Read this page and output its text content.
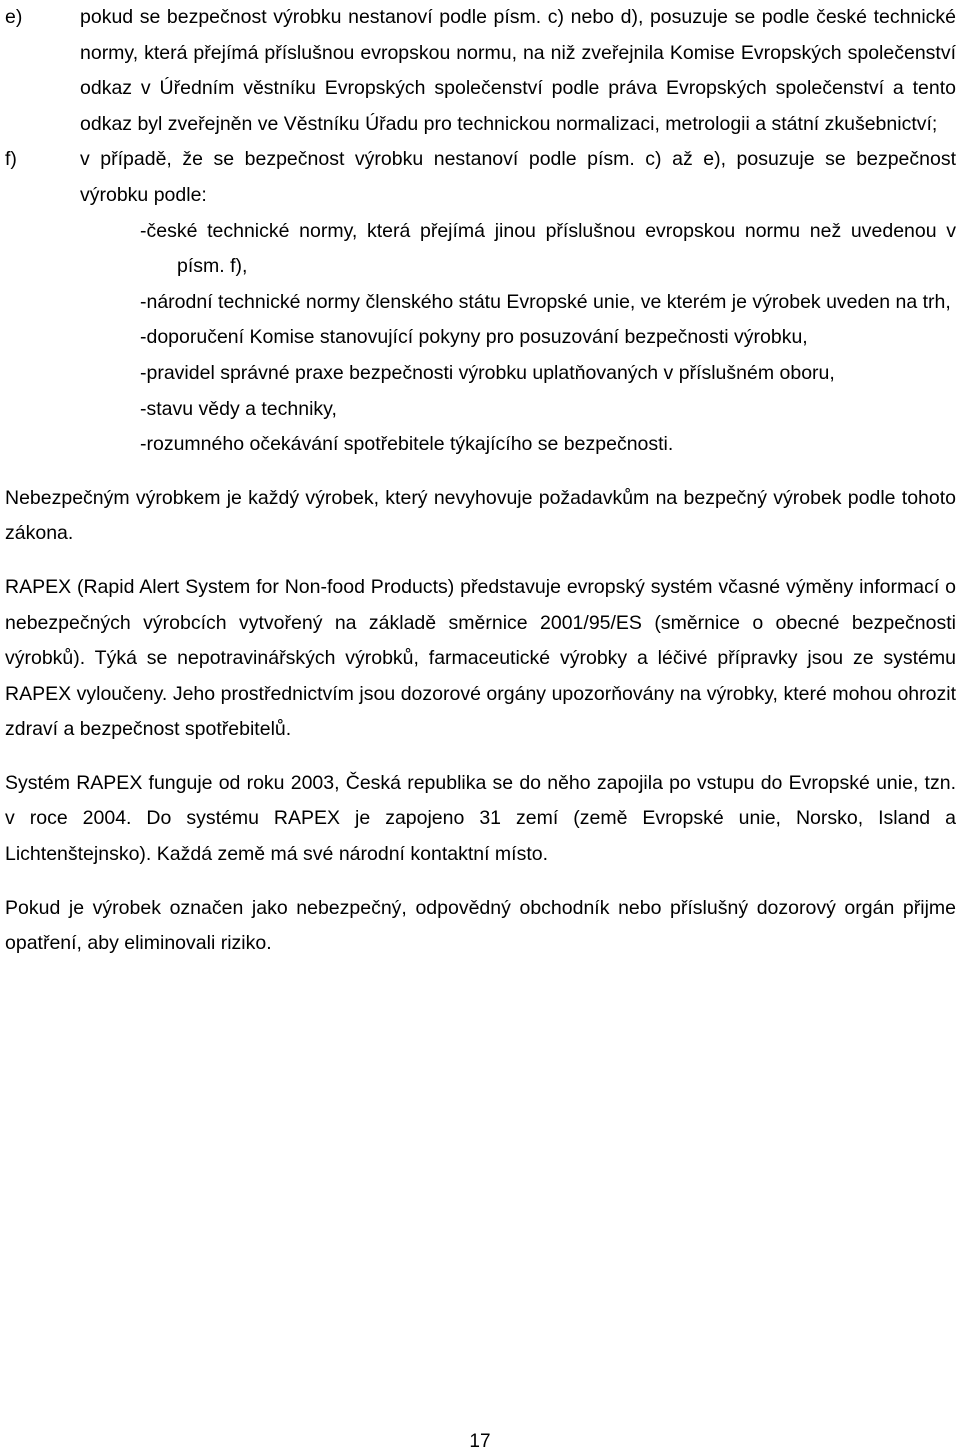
e)	pokud se bezpečnost výrobku nestanoví podle písm. c) nebo d), posuzuje se podle české technické normy, která přejímá příslušnou evropskou normu, na niž zveřejnila Komise Evropských společenství odkaz v Úředním věstníku Evropských společenství podle práva Evropských společenství a tento odkaz byl zveřejněn ve Věstníku Úřadu pro technickou normalizaci, metrologii a státní zkušebnictví;

f)	v případě, že se bezpečnost výrobku nestanoví podle písm. c) až e), posuzuje se bezpečnost výrobku podle:

-české technické normy, která přejímá jinou příslušnou evropskou normu než uvedenou v písm. f),
-národní technické normy členského státu Evropské unie, ve kterém je výrobek uveden na trh,
-doporučení Komise stanovující pokyny pro posuzování bezpečnosti výrobku,
-pravidel správné praxe bezpečnosti výrobku uplatňovaných v příslušném oboru,
-stavu vědy a techniky,
-rozumného očekávání spotřebitele týkajícího se bezpečnosti.

Nebezpečným výrobkem je každý výrobek, který nevyhovuje požadavkům na bezpečný výrobek podle tohoto zákona.

RAPEX (Rapid Alert System for Non-food Products) představuje evropský systém včasné výměny informací o nebezpečných výrobcích vytvořený na základě směrnice 2001/95/ES (směrnice o obecné bezpečnosti výrobků). Týká se nepotravinářských výrobků, farmaceutické výrobky a léčivé přípravky jsou ze systému RAPEX vyloučeny. Jeho prostřednictvím jsou dozorové orgány upozorňovány na výrobky, které mohou ohrozit zdraví a bezpečnost spotřebitelů.

Systém RAPEX funguje od roku 2003, Česká republika se do něho zapojila po vstupu do Evropské unie, tzn. v roce 2004. Do systému RAPEX je zapojeno 31 zemí (země Evropské unie, Norsko, Island a Lichtenštejnsko). Každá země má své národní kontaktní místo.

Pokud je výrobek označen jako nebezpečný, odpovědný obchodník nebo příslušný dozorový orgán přijme opatření, aby eliminovali riziko.

17
